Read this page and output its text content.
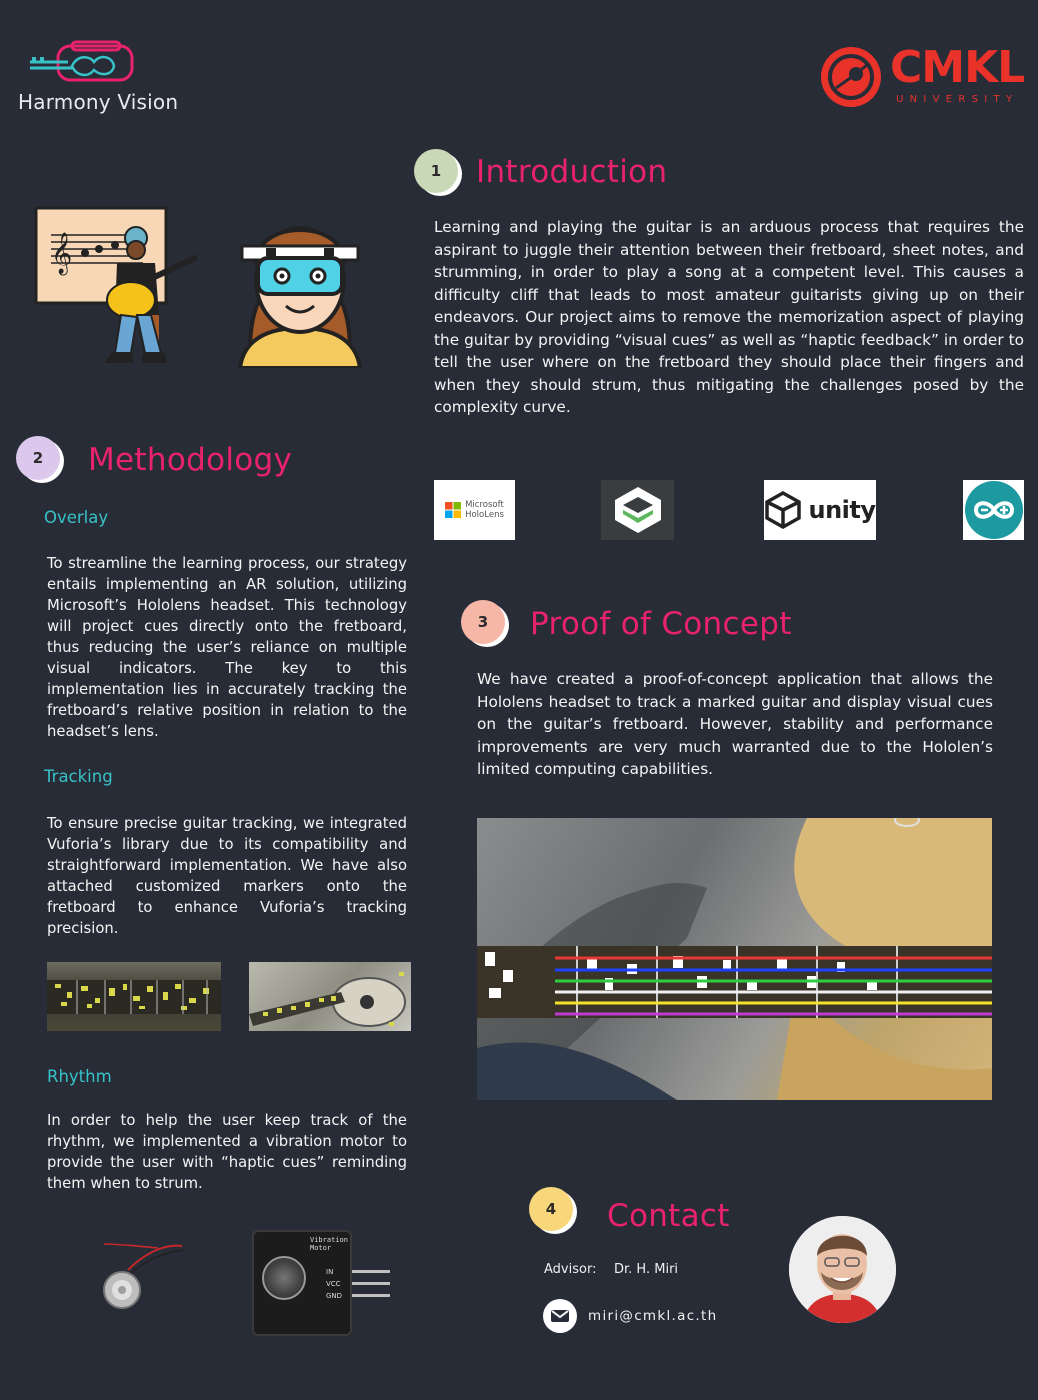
Harmony Vision
CMKL
UNIVERSITY
𝄞
1	Introduction
Learning and playing the guitar is an arduous process that requires the aspirant to juggle their attention between their fretboard, sheet notes, and strumming, in order to play a song at a competent level. This causes a difficulty cliff that leads to most amateur guitarists giving up on their endeavors. Our project aims to remove the memorization aspect of playing the guitar by providing “visual cues” as well as “haptic feedback” in order to tell the user where on the fretboard they should place their fingers and when they should strum, thus mitigating the challenges posed by the complexity curve.
2	Methodology
Overlay
To streamline the learning process, our strategy entails implementing an AR solution, utilizing Microsoft’s Hololens headset. This technology will project cues directly onto the fretboard, thus reducing the user’s reliance on multiple visual indicators. The key to this implementation lies in accurately tracking the fretboard’s relative position in relation to the headset’s lens.
Tracking
To ensure precise guitar tracking, we integrated Vuforia’s library due to its compatibility and straightforward implementation. We have also attached customized markers onto the fretboard to enhance Vuforia’s tracking precision.
Rhythm
In order to help the user keep track of the rhythm, we implemented a vibration motor to provide the user with “haptic cues” reminding them when to strum.
Vibration Motor
IN
VCC
GND
Microsoft
HoloLens	unity
3	Proof of Concept
We have created a proof-of-concept application that allows the Hololens headset to track a marked guitar and display visual cues on the guitar’s fretboard. However, stability and performance improvements are very much warranted due to the Hololen’s limited computing capabilities.
4	Contact
Advisor: Dr. H. Miri
miri@cmkl.ac.th
